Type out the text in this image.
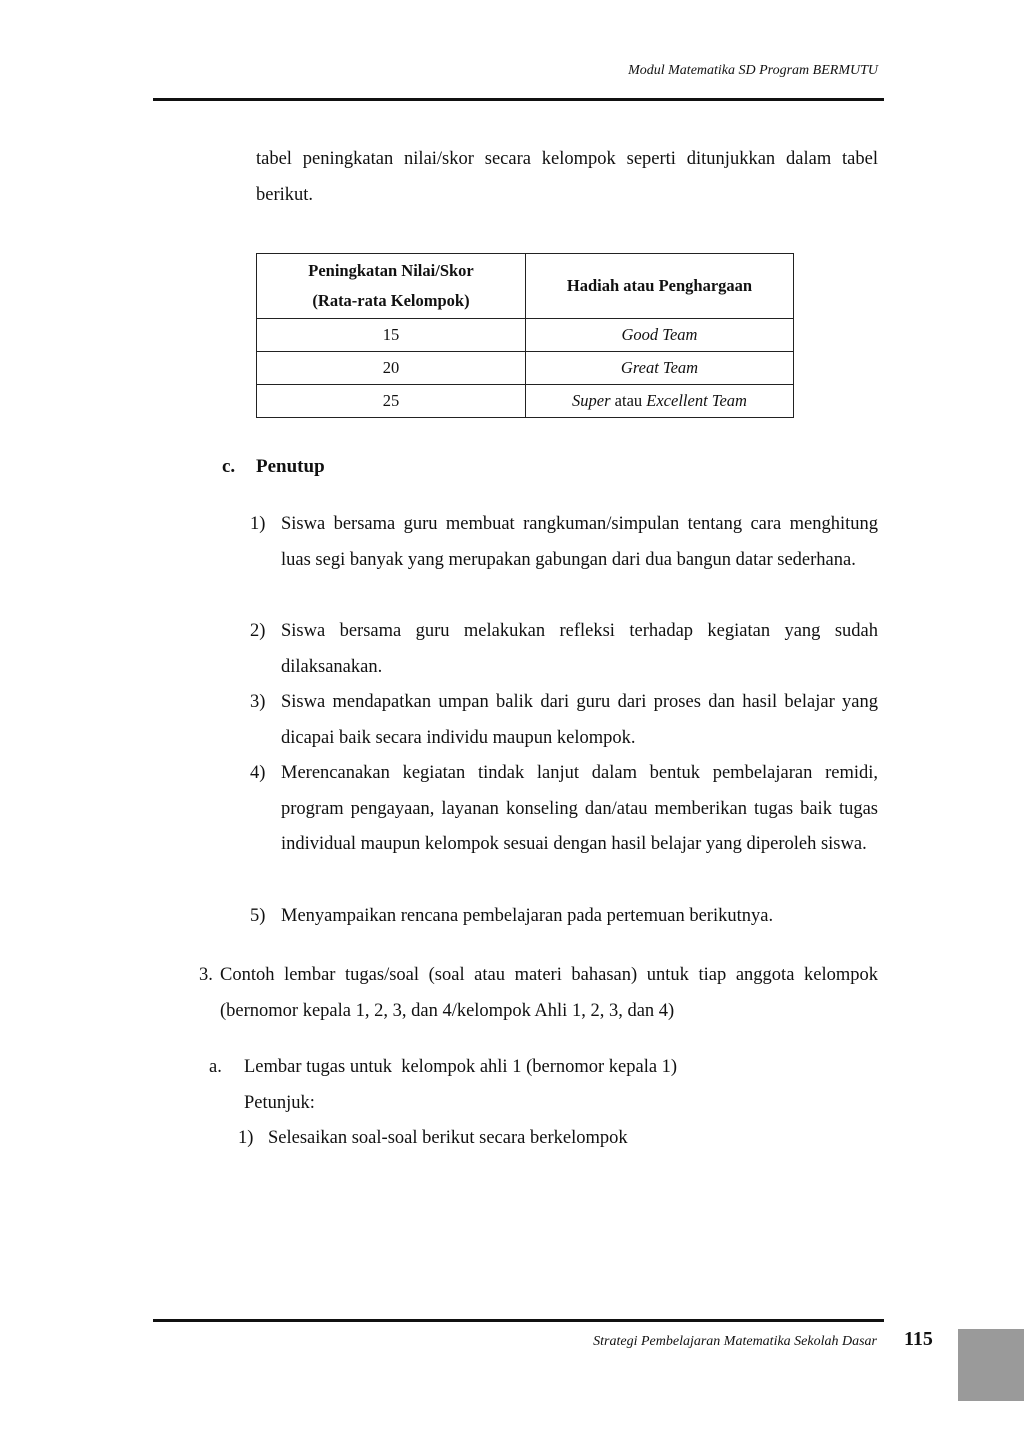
Modul Matematika SD Program BERMUTU
tabel peningkatan nilai/skor secara kelompok seperti ditunjukkan dalam tabel berikut.
Peningkatan Nilai/Skor
(Rata-rata Kelompok)	Hadiah atau Penghargaan
15	Good Team
20	Great Team
25	Super atau Excellent Team
c. Penutup
1) Siswa bersama guru membuat rangkuman/simpulan tentang cara menghitung luas segi banyak yang merupakan gabungan dari dua bangun datar sederhana.
2) Siswa bersama guru melakukan refleksi terhadap kegiatan yang sudah dilaksanakan.
3) Siswa mendapatkan umpan balik dari guru dari proses dan hasil belajar yang dicapai baik secara individu maupun kelompok.
4) Merencanakan kegiatan tindak lanjut dalam bentuk pembelajaran remidi, program pengayaan, layanan konseling dan/atau memberikan tugas baik tugas individual maupun kelompok sesuai dengan hasil belajar yang diperoleh siswa.
5) Menyampaikan rencana pembelajaran pada pertemuan berikutnya.
3. Contoh lembar tugas/soal (soal atau materi bahasan) untuk tiap anggota kelompok (bernomor kepala 1, 2, 3, dan 4/kelompok Ahli 1, 2, 3, dan 4)
a. Lembar tugas untuk  kelompok ahli 1 (bernomor kepala 1)
Petunjuk:
1) Selesaikan soal-soal berikut secara berkelompok
Strategi Pembelajaran Matematika Sekolah Dasar 115
